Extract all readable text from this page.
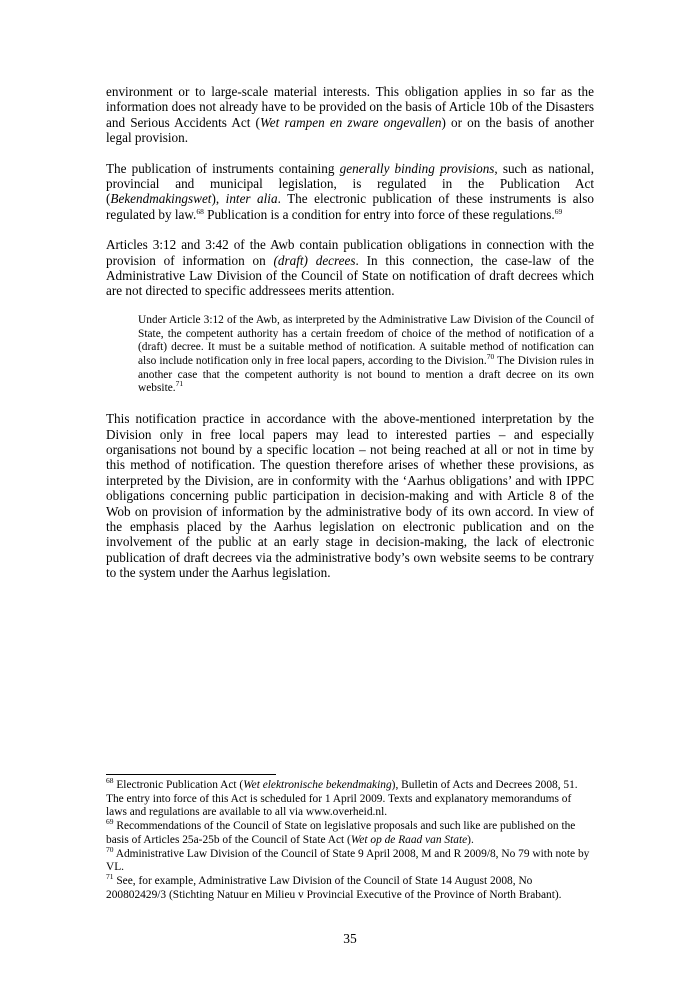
environment or to large-scale material interests. This obligation applies in so far as the information does not already have to be provided on the basis of Article 10b of the Disasters and Serious Accidents Act (Wet rampen en zware ongevallen) or on the basis of another legal provision.

The publication of instruments containing generally binding provisions, such as national, provincial and municipal legislation, is regulated in the Publication Act (Bekendmakingswet), inter alia. The electronic publication of these instruments is also regulated by law.$^{68}$ Publication is a condition for entry into force of these regulations.$^{69}$

Articles 3:12 and 3:42 of the Awb contain publication obligations in connection with the provision of information on (draft) decrees. In this connection, the case-law of the Administrative Law Division of the Council of State on notification of draft decrees which are not directed to specific addressees merits attention.

Under Article 3:12 of the Awb, as interpreted by the Administrative Law Division of the Council of State, the competent authority has a certain freedom of choice of the method of notification of a (draft) decree. It must be a suitable method of notification. A suitable method of notification can also include notification only in free local papers, according to the Division.$^{70}$ The Division rules in another case that the competent authority is not bound to mention a draft decree on its own website.$^{71}$

This notification practice in accordance with the above-mentioned interpretation by the Division only in free local papers may lead to interested parties – and especially organisations not bound by a specific location – not being reached at all or not in time by this method of notification. The question therefore arises of whether these provisions, as interpreted by the Division, are in conformity with the ‘Aarhus obligations’ and with IPPC obligations concerning public participation in decision-making and with Article 8 of the Wob on provision of information by the administrative body of its own accord. In view of the emphasis placed by the Aarhus legislation on electronic publication and on the involvement of the public at an early stage in decision-making, the lack of electronic publication of draft decrees via the administrative body’s own website seems to be contrary to the system under the Aarhus legislation.

$^{68}$ Electronic Publication Act (Wet elektronische bekendmaking), Bulletin of Acts and Decrees 2008, 51. The entry into force of this Act is scheduled for 1 April 2009. Texts and explanatory memorandums of laws and regulations are available to all via www.overheid.nl.

$^{69}$ Recommendations of the Council of State on legislative proposals and such like are published on the basis of Articles 25a-25b of the Council of State Act (Wet op de Raad van State).

$^{70}$ Administrative Law Division of the Council of State 9 April 2008, M and R 2009/8, No 79 with note by VL.

$^{71}$ See, for example, Administrative Law Division of the Council of State 14 August 2008, No 200802429/3 (Stichting Natuur en Milieu v Provincial Executive of the Province of North Brabant).

35
